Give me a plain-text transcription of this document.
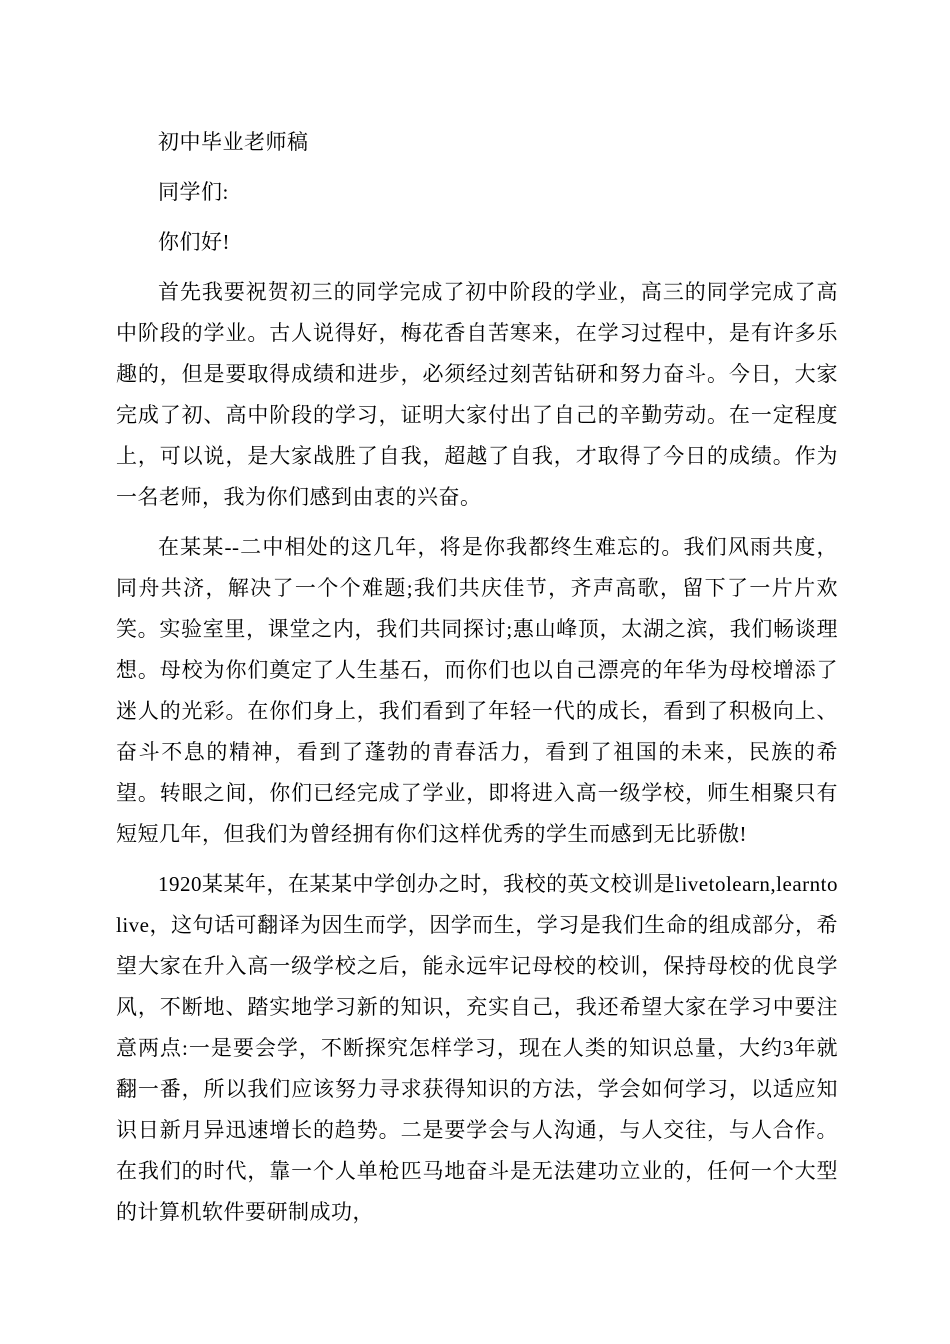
初中毕业老师稿

同学们:

你们好!

首先我要祝贺初三的同学完成了初中阶段的学业，高三的同学完成了高中阶段的学业。古人说得好，梅花香自苦寒来，在学习过程中，是有许多乐趣的，但是要取得成绩和进步，必须经过刻苦钻研和努力奋斗。今日，大家完成了初、高中阶段的学习，证明大家付出了自己的辛勤劳动。在一定程度上，可以说，是大家战胜了自我，超越了自我，才取得了今日的成绩。作为一名老师，我为你们感到由衷的兴奋。

在某某--二中相处的这几年，将是你我都终生难忘的。我们风雨共度，同舟共济，解决了一个个难题;我们共庆佳节，齐声高歌，留下了一片片欢笑。实验室里，课堂之内，我们共同探讨;惠山峰顶，太湖之滨，我们畅谈理想。母校为你们奠定了人生基石，而你们也以自己漂亮的年华为母校增添了迷人的光彩。在你们身上，我们看到了年轻一代的成长，看到了积极向上、奋斗不息的精神，看到了蓬勃的青春活力，看到了祖国的未来，民族的希望。转眼之间，你们已经完成了学业，即将进入高一级学校，师生相聚只有短短几年，但我们为曾经拥有你们这样优秀的学生而感到无比骄傲!

1920某某年，在某某中学创办之时，我校的英文校训是livetolearn,learntolive，这句话可翻译为因生而学，因学而生，学习是我们生命的组成部分，希望大家在升入高一级学校之后，能永远牢记母校的校训，保持母校的优良学风，不断地、踏实地学习新的知识，充实自己，我还希望大家在学习中要注意两点:一是要会学，不断探究怎样学习，现在人类的知识总量，大约3年就翻一番，所以我们应该努力寻求获得知识的方法，学会如何学习，以适应知识日新月异迅速增长的趋势。二是要学会与人沟通，与人交往，与人合作。在我们的时代，靠一个人单枪匹马地奋斗是无法建功立业的，任何一个大型的计算机软件要研制成功，
